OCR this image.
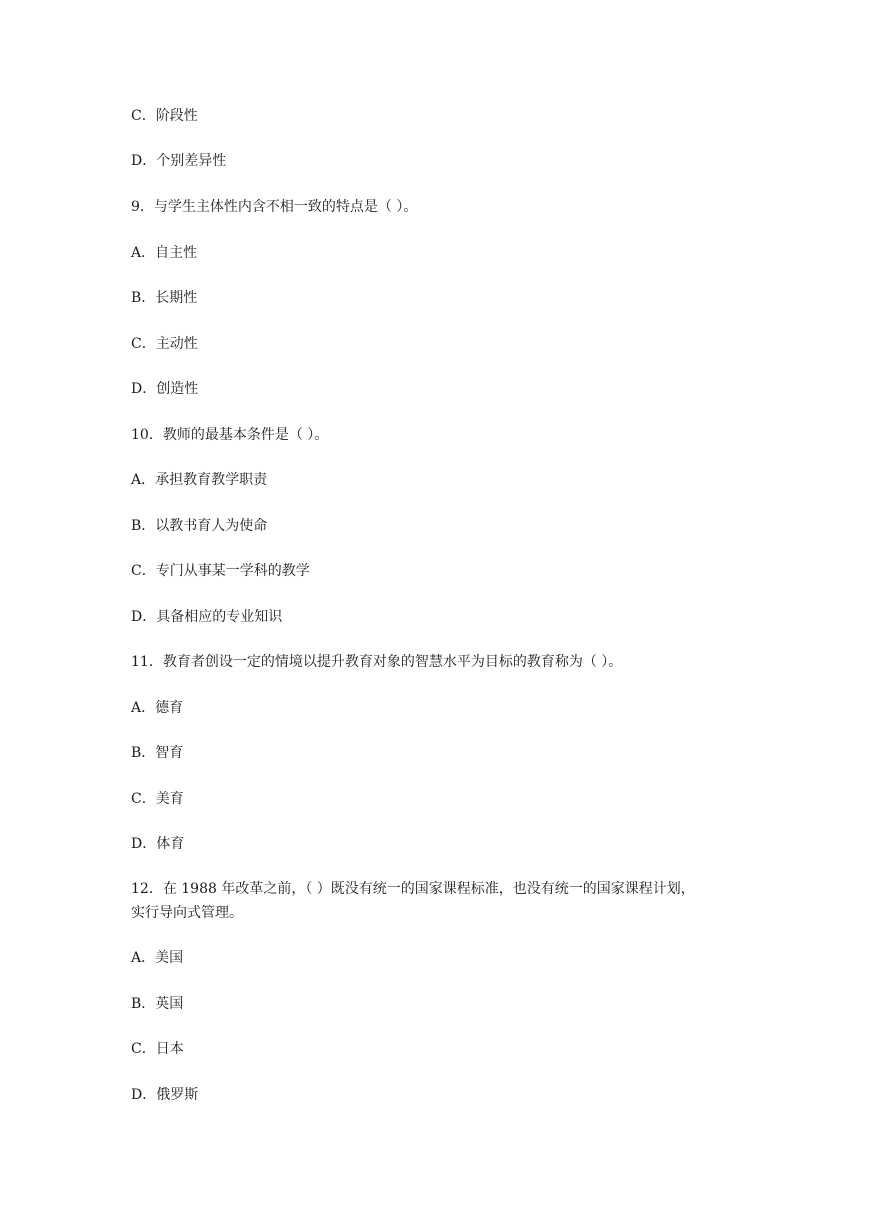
C．阶段性
D．个别差异性
9．与学生主体性内含不相一致的特点是（ ）。
A．自主性
B．长期性
C．主动性
D．创造性
10．教师的最基本条件是（ ）。
A．承担教育教学职责
B．以教书育人为使命
C．专门从事某一学科的教学
D．具备相应的专业知识
11．教育者创设一定的情境以提升教育对象的智慧水平为目标的教育称为（ ）。
A．德育
B．智育
C．美育
D．体育
12．在 1988 年改革之前，（ ）既没有统一的国家课程标准，也没有统一的国家课程计划，
实行导向式管理。
A．美国
B．英国
C．日本
D．俄罗斯
